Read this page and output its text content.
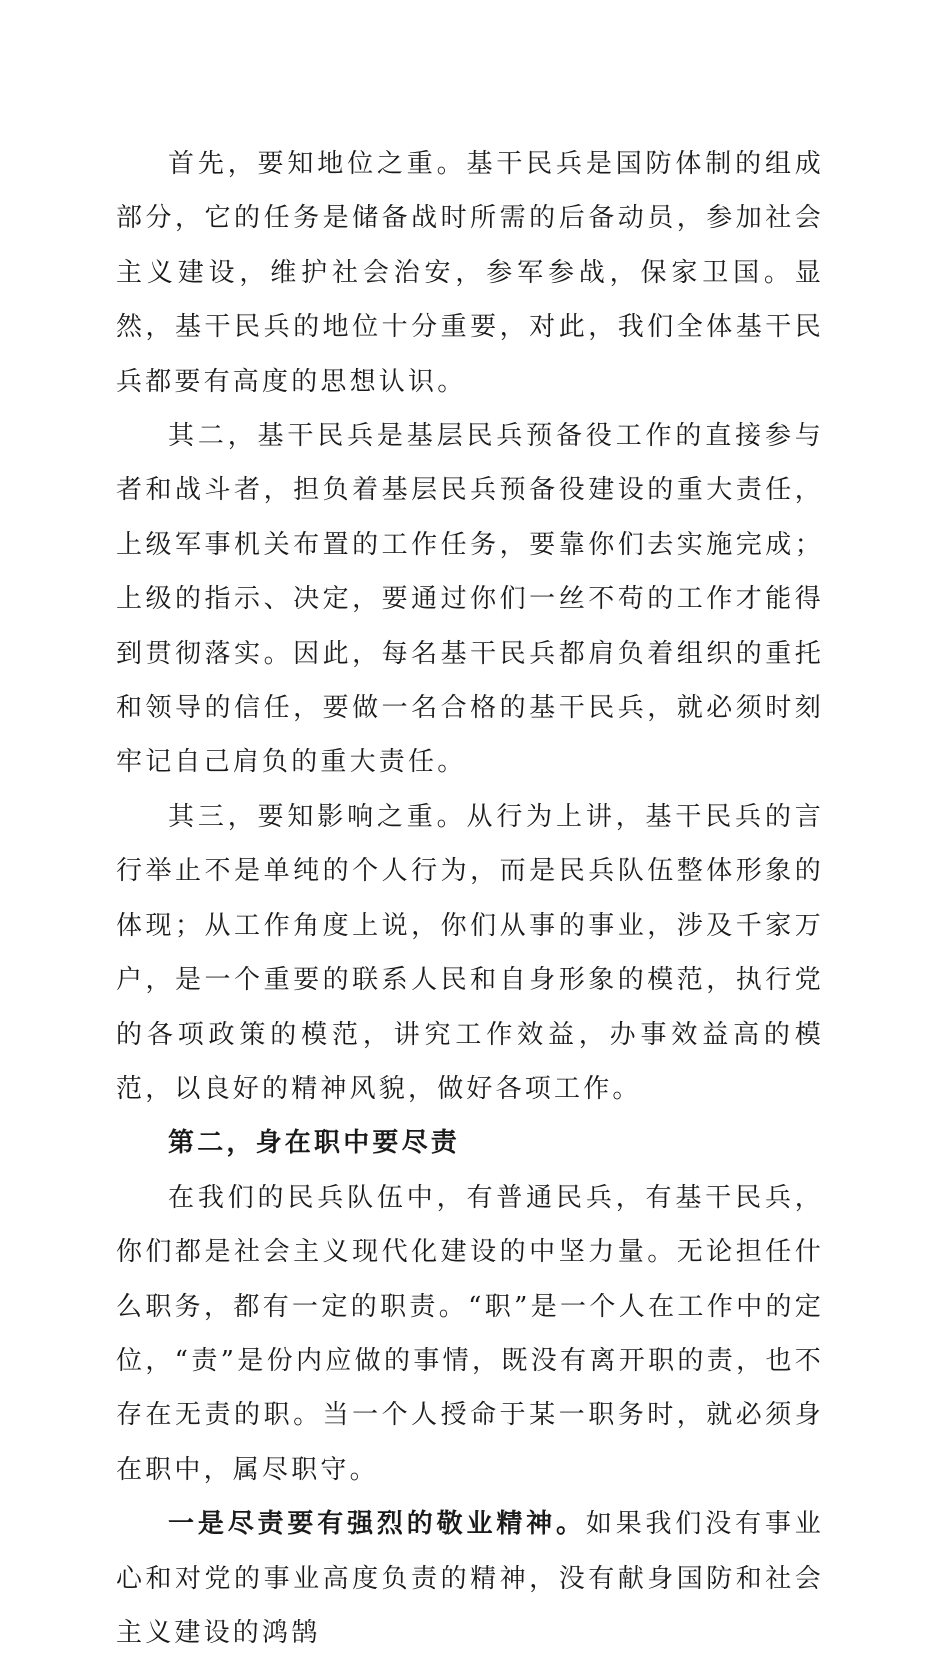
首先，要知地位之重。基干民兵是国防体制的组成部分，它的任务是储备战时所需的后备动员，参加社会主义建设，维护社会治安，参军参战，保家卫国。显然，基干民兵的地位十分重要，对此，我们全体基干民兵都要有高度的思想认识。

其二，基干民兵是基层民兵预备役工作的直接参与者和战斗者，担负着基层民兵预备役建设的重大责任，上级军事机关布置的工作任务，要靠你们去实施完成；上级的指示、决定，要通过你们一丝不苟的工作才能得到贯彻落实。因此，每名基干民兵都肩负着组织的重托和领导的信任，要做一名合格的基干民兵，就必须时刻牢记自己肩负的重大责任。

其三，要知影响之重。从行为上讲，基干民兵的言行举止不是单纯的个人行为，而是民兵队伍整体形象的体现；从工作角度上说，你们从事的事业，涉及千家万户，是一个重要的联系人民和自身形象的模范，执行党的各项政策的模范，讲究工作效益，办事效益高的模范，以良好的精神风貌，做好各项工作。

第二，身在职中要尽责

在我们的民兵队伍中，有普通民兵，有基干民兵，你们都是社会主义现代化建设的中坚力量。无论担任什么职务，都有一定的职责。“职”是一个人在工作中的定位，“责”是份内应做的事情，既没有离开职的责，也不存在无责的职。当一个人授命于某一职务时，就必须身在职中，属尽职守。

一是尽责要有强烈的敬业精神。如果我们没有事业心和对党的事业高度负责的精神，没有献身国防和社会主义建设的鸿鹄
